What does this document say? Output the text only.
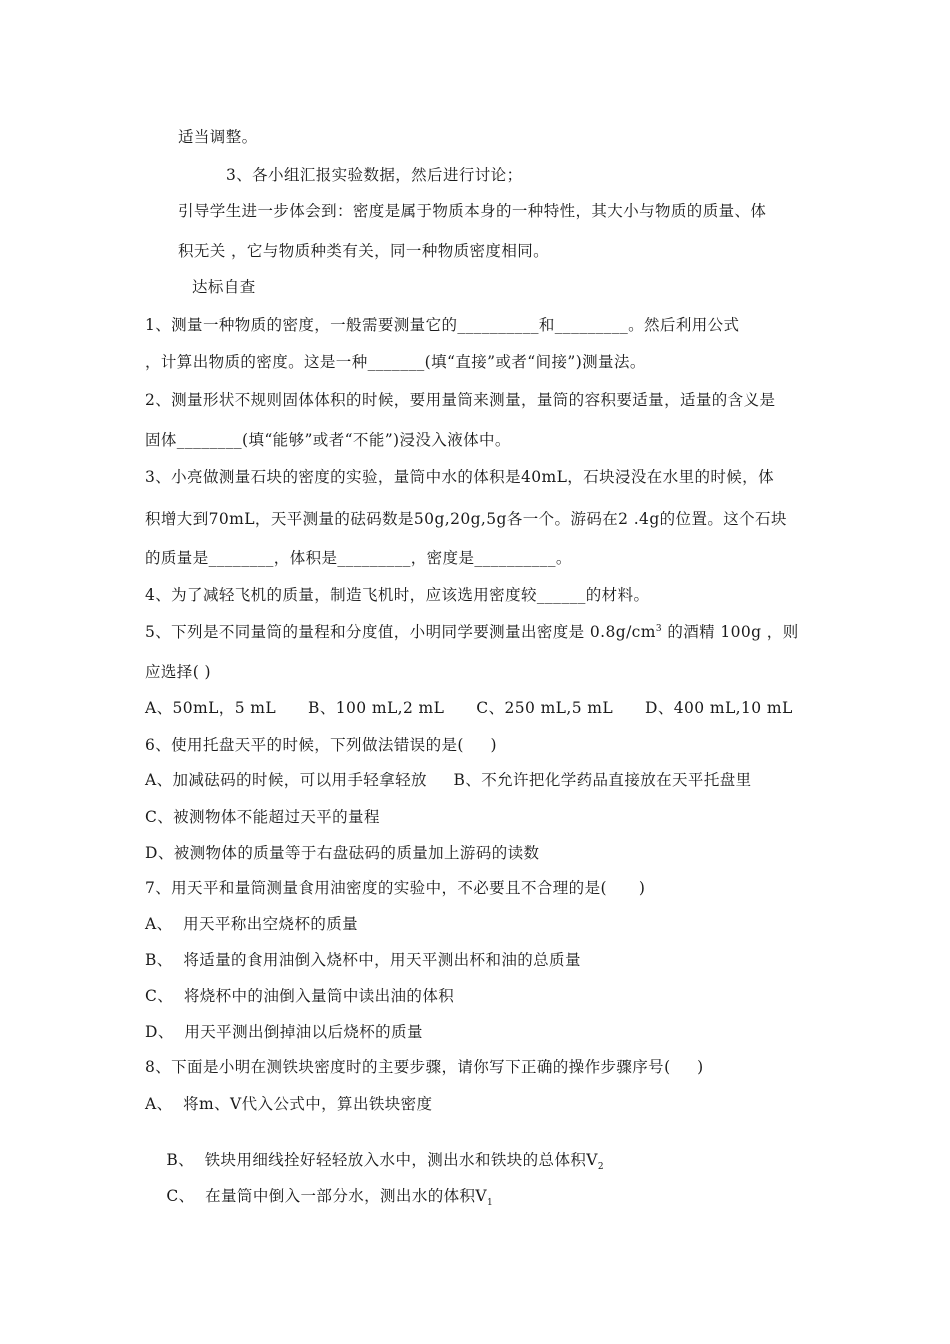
适当调整。
3、各小组汇报实验数据，然后进行讨论；
引导学生进一步体会到：密度是属于物质本身的一种特性，其大小与物质的质量、体
积无关 ，它与物质种类有关，同一种物质密度相同。
达标自查
1、测量一种物质的密度，一般需要测量它的__________和_________。然后利用公式
，计算出物质的密度。这是一种_______(填“直接”或者“间接”)测量法。
2、测量形状不规则固体体积的时候，要用量筒来测量，量筒的容积要适量，适量的含义是
固体________(填“能够”或者“不能”)浸没入液体中。
3、小亮做测量石块的密度的实验，量筒中水的体积是40mL，石块浸没在水里的时候，体
积增大到70mL，天平测量的砝码数是50g,20g,5g各一个。游码在2 .4g的位置。这个石块
的质量是________，体积是_________，密度是__________。
4、为了减轻飞机的质量，制造飞机时，应该选用密度较______的材料。
5、下列是不同量筒的量程和分度值，小明同学要测量出密度是 $0.8g/cm^3$ 的酒精 100g ，则
应选择( )
A、50mL，5 mL      B、100 mL,2 mL      C、250 mL,5 mL      D、400 mL,10 mL
6、使用托盘天平的时候，下列做法错误的是(     )
A、加减砝码的时候，可以用手轻拿轻放     B、不允许把化学药品直接放在天平托盘里
C、被测物体不能超过天平的量程
D、被测物体的质量等于右盘砝码的质量加上游码的读数
7、用天平和量筒测量食用油密度的实验中，不必要且不合理的是(      )
A、  用天平称出空烧杯的质量
B、  将适量的食用油倒入烧杯中，用天平测出杯和油的总质量
C、  将烧杯中的油倒入量筒中读出油的体积
D、  用天平测出倒掉油以后烧杯的质量
8、下面是小明在测铁块密度时的主要步骤，请你写下正确的操作步骤序号(     )
A、  将m、V代入公式中，算出铁块密度

B、  铁块用细线拴好轻轻放入水中，测出水和铁块的总体积$V_2$

C、  在量筒中倒入一部分水，测出水的体积$V_1$
